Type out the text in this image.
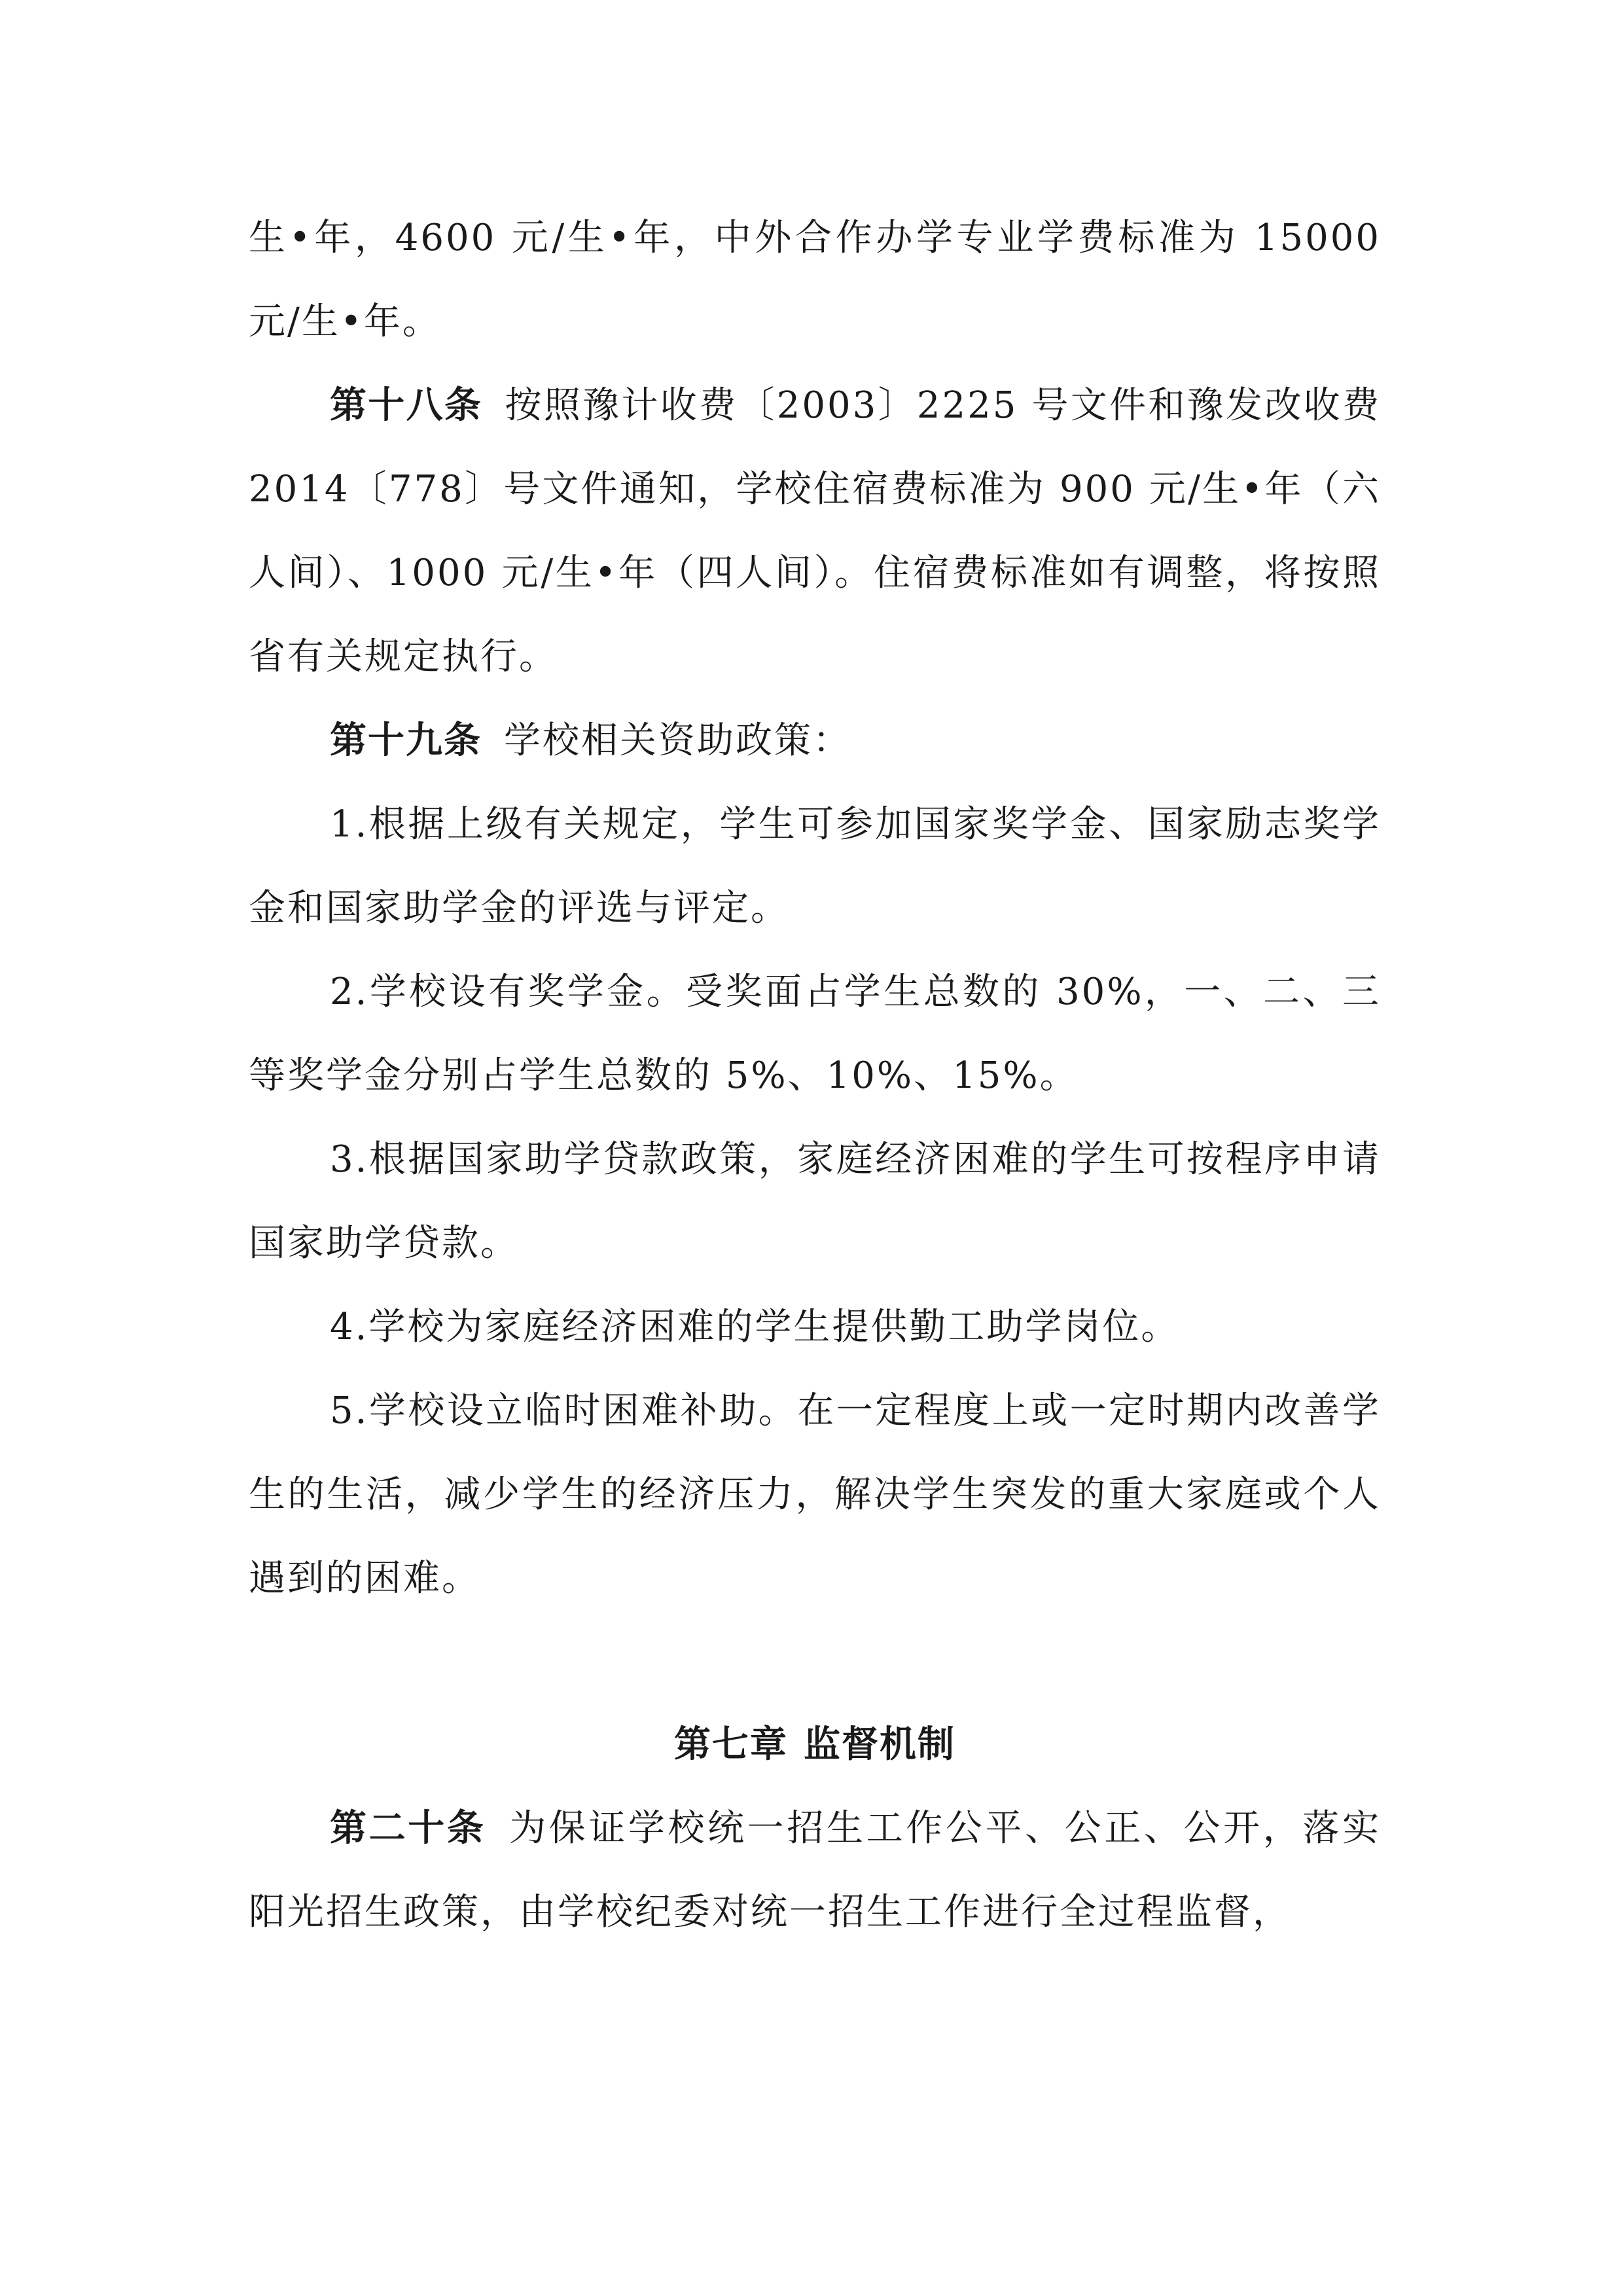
生•年，4600 元/生•年，中外合作办学专业学费标准为 15000 元/生•年。

第十八条 按照豫计收费〔2003〕2225 号文件和豫发改收费 2014〔778〕号文件通知，学校住宿费标准为 900 元/生•年（六人间）、1000 元/生•年（四人间）。住宿费标准如有调整，将按照省有关规定执行。

第十九条 学校相关资助政策：

1.根据上级有关规定，学生可参加国家奖学金、国家励志奖学金和国家助学金的评选与评定。

2.学校设有奖学金。受奖面占学生总数的 30%，一、二、三等奖学金分别占学生总数的 5%、10%、15%。

3.根据国家助学贷款政策，家庭经济困难的学生可按程序申请国家助学贷款。

4.学校为家庭经济困难的学生提供勤工助学岗位。

5.学校设立临时困难补助。在一定程度上或一定时期内改善学生的生活，减少学生的经济压力，解决学生突发的重大家庭或个人遇到的困难。

第七章 监督机制

第二十条 为保证学校统一招生工作公平、公正、公开，落实阳光招生政策，由学校纪委对统一招生工作进行全过程监督，
